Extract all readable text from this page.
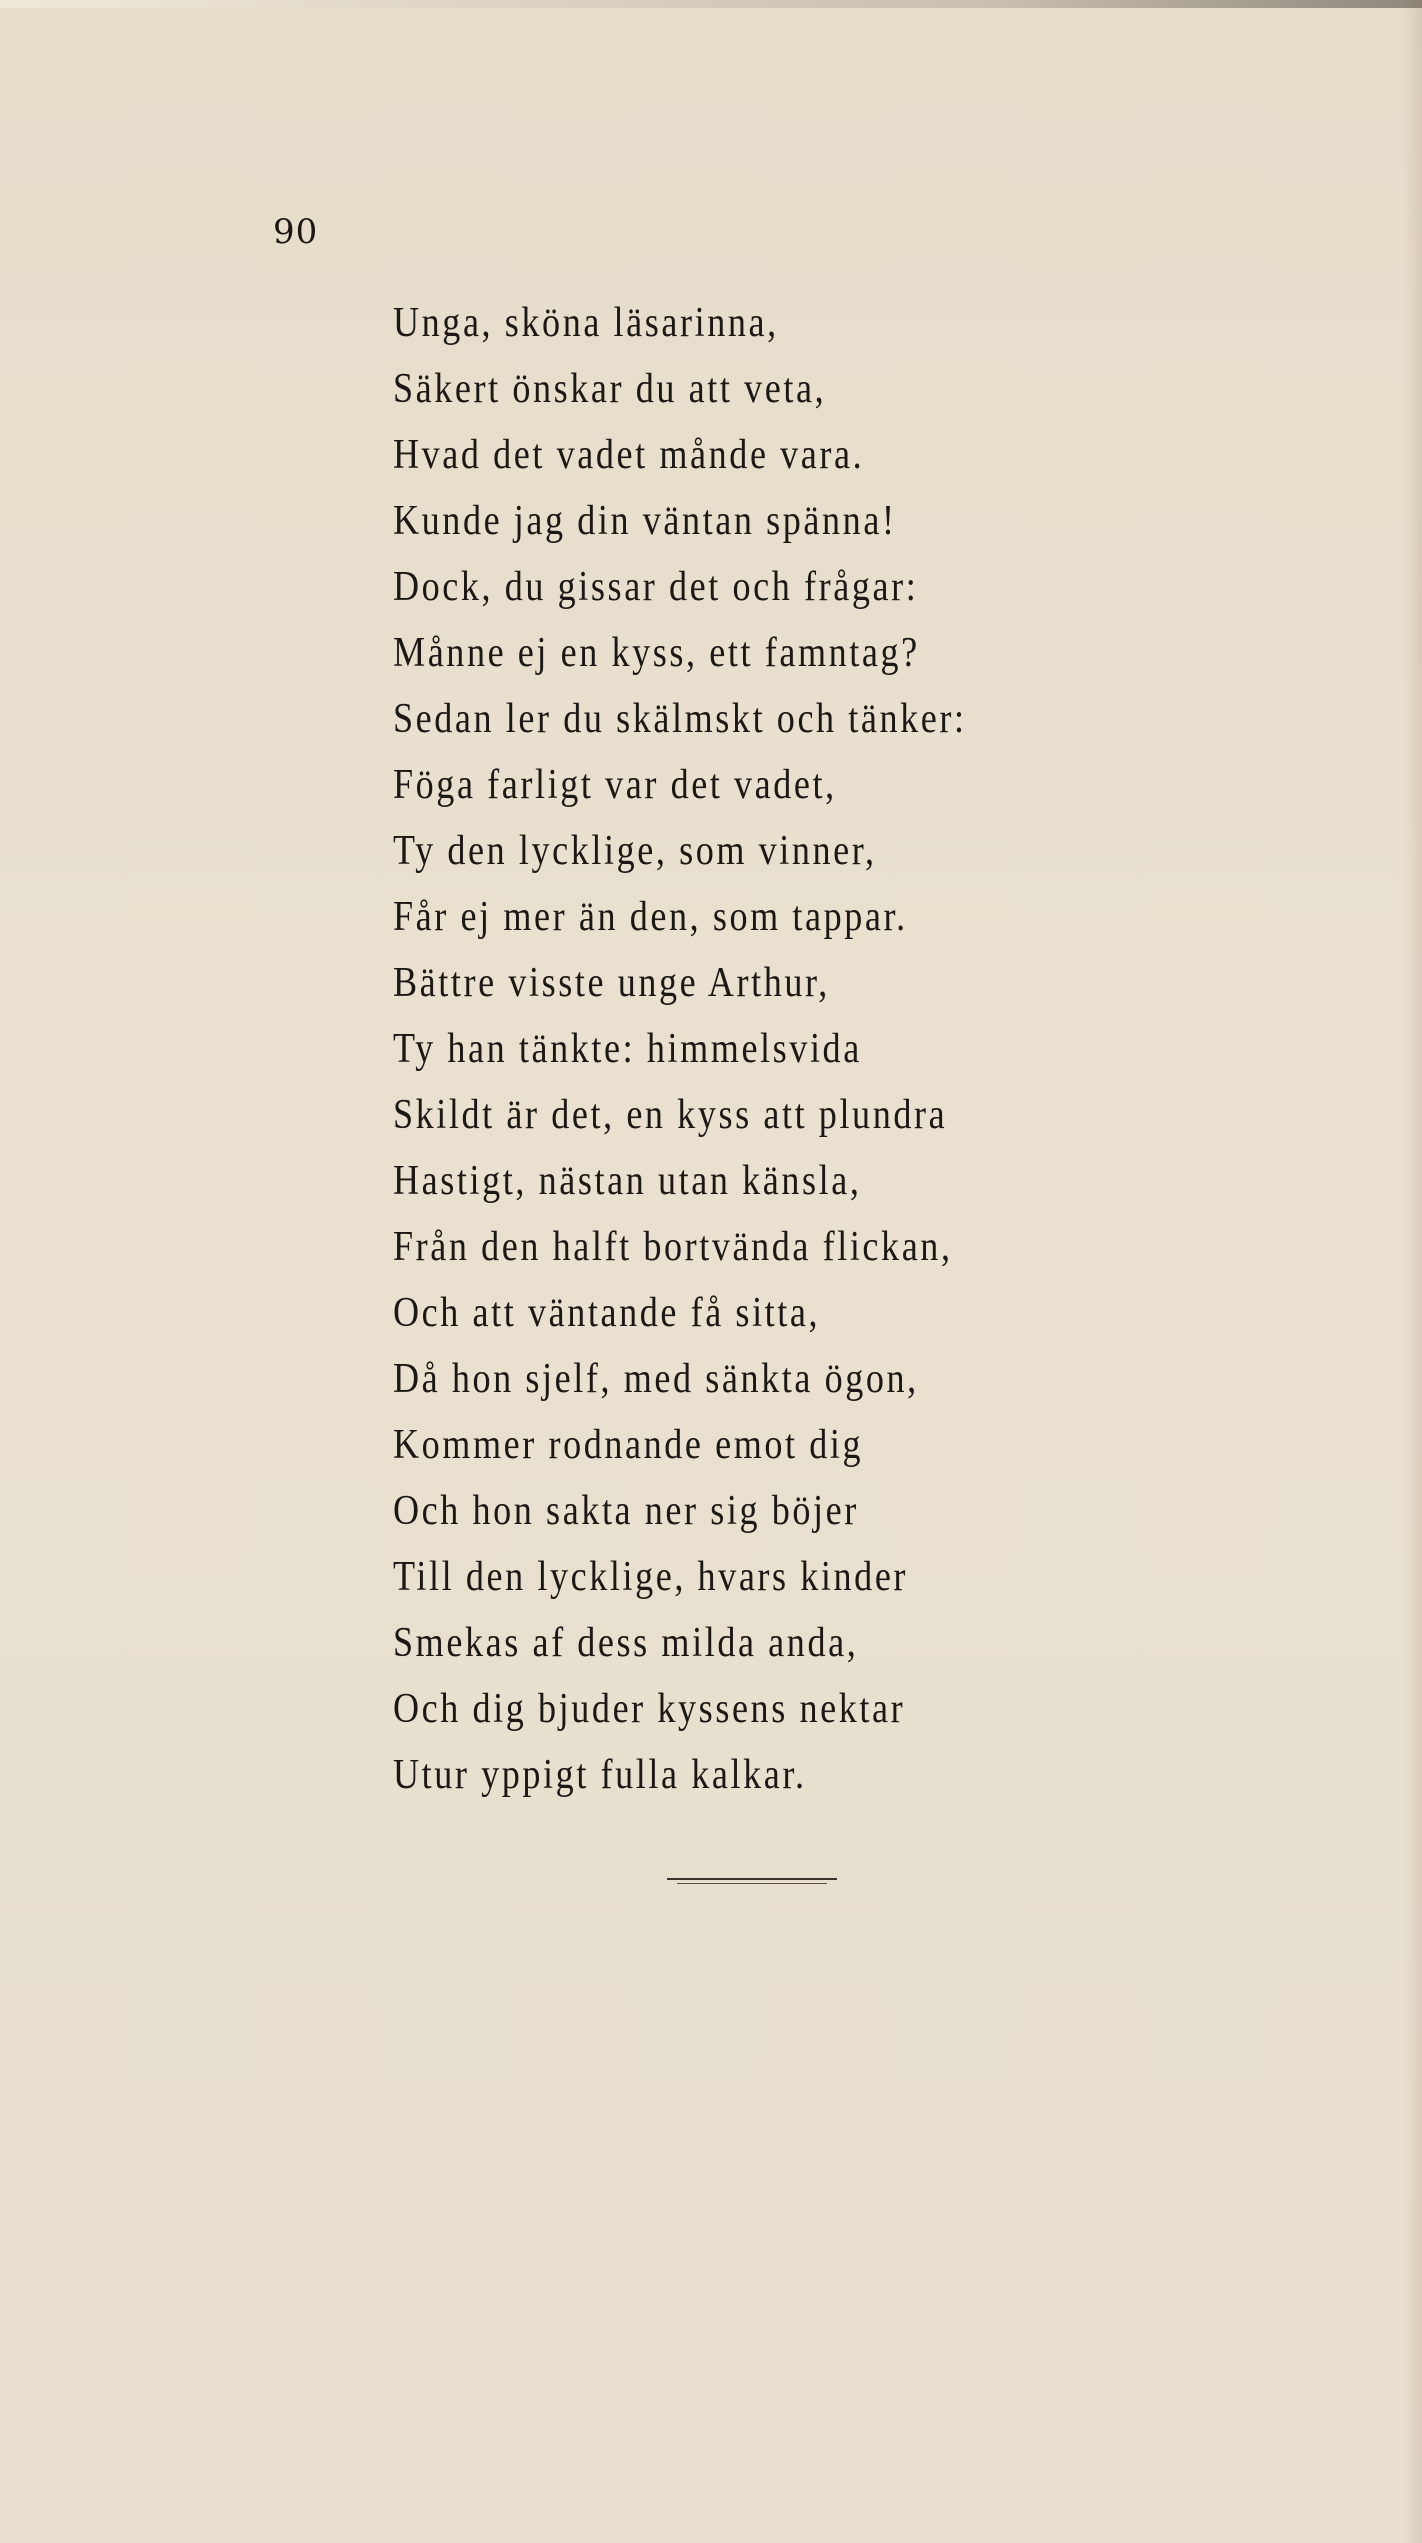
90
Unga, sköna läsarinna,
Säkert önskar du att veta,
Hvad det vadet månde vara.
Kunde jag din väntan spänna!
Dock, du gissar det och frågar:
Månne ej en kyss, ett famntag?
Sedan ler du skälmskt och tänker:
Föga farligt var det vadet,
Ty den lycklige, som vinner,
Får ej mer än den, som tappar.
Bättre visste unge Arthur,
Ty han tänkte: himmelsvida
Skildt är det, en kyss att plundra
Hastigt, nästan utan känsla,
Från den halft bortvända flickan,
Och att väntande få sitta,
Då hon sjelf, med sänkta ögon,
Kommer rodnande emot dig
Och hon sakta ner sig böjer
Till den lycklige, hvars kinder
Smekas af dess milda anda,
Och dig bjuder kyssens nektar
Utur yppigt fulla kalkar.
